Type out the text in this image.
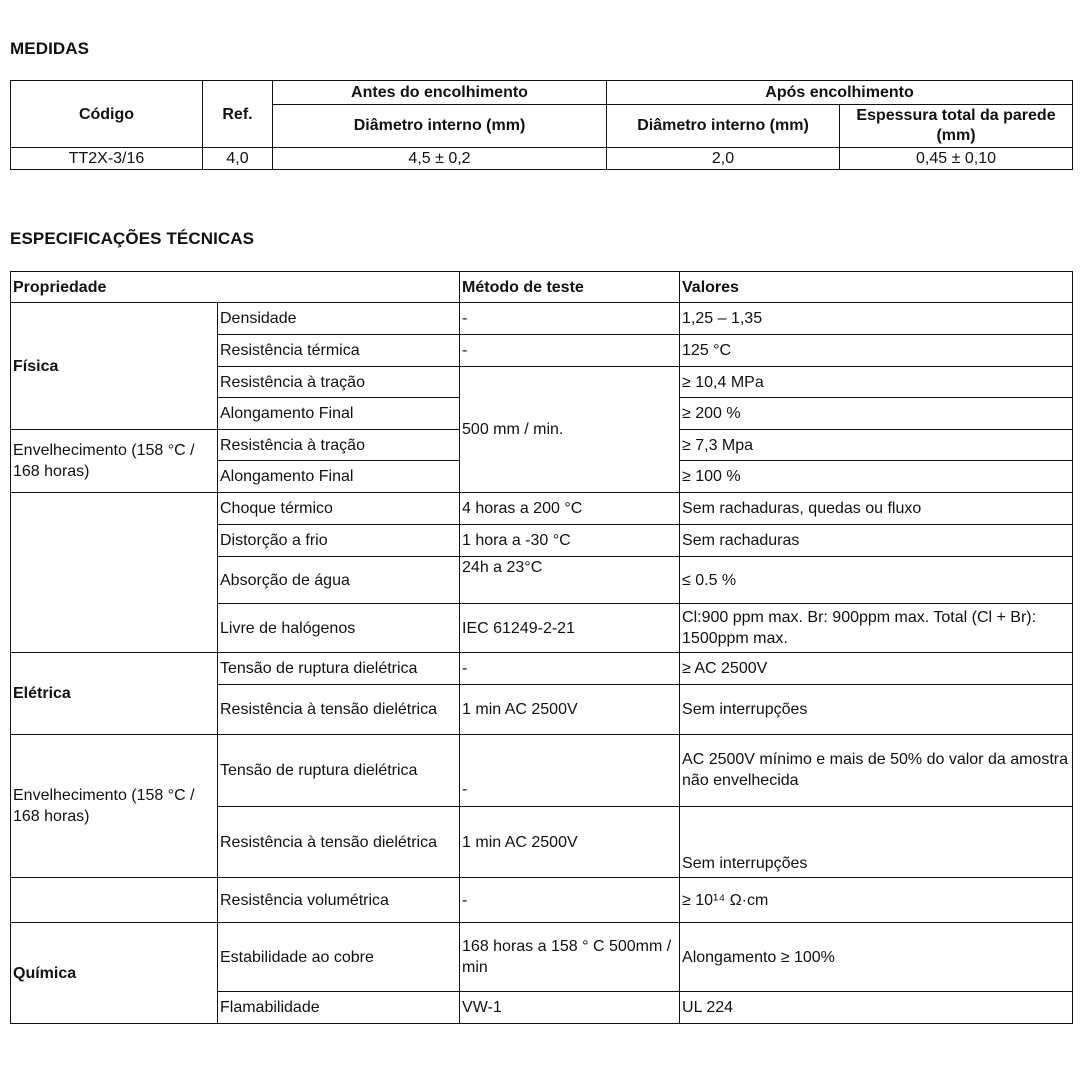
MEDIDAS
Código	Ref.	Antes do encolhimento	Após encolhimento	
		Diâmetro interno (mm)	Diâmetro interno (mm)	Espessura total da parede (mm)
TT2X-3/16	4,0	4,5 ± 0,2	2,0	0,45 ± 0,10
ESPECIFICAÇÕES TÉCNICAS
Propriedade		Método de teste	Valores
Física	Densidade	-	1,25 – 1,35
	Resistência térmica	-	125 °C
	Resistência à tração	500 mm / min.	≥ 10,4 MPa
	Alongamento Final		≥ 200 %
Envelhecimento (158 °C / 168 horas)	Resistência à tração		≥ 7,3 Mpa
	Alongamento Final		≥ 100 %
	Choque térmico	4 horas a 200 °C	Sem rachaduras, quedas ou fluxo
	Distorção a frio	1 hora a -30 °C	Sem rachaduras
	Absorção de água	24h a 23°C	≤ 0.5 %
	Livre de halógenos	IEC 61249-2-21	Cl:900 ppm max. Br: 900ppm max. Total (Cl + Br): 1500ppm max.
Elétrica	Tensão de ruptura dielétrica	-	≥ AC 2500V
	Resistência à tensão dielétrica	1 min AC 2500V	Sem interrupções
Envelhecimento (158 °C / 168 horas)	Tensão de ruptura dielétrica	-	AC 2500V mínimo e mais de 50% do valor da amostra não envelhecida
	Resistência à tensão dielétrica	1 min AC 2500V	Sem interrupções
	Resistência volumétrica	-	≥ 10¹⁴ Ω·cm
Química	Estabilidade ao cobre	168 horas a 158 ° C 500mm / min	Alongamento ≥ 100%
	Flamabilidade	VW-1	UL 224
